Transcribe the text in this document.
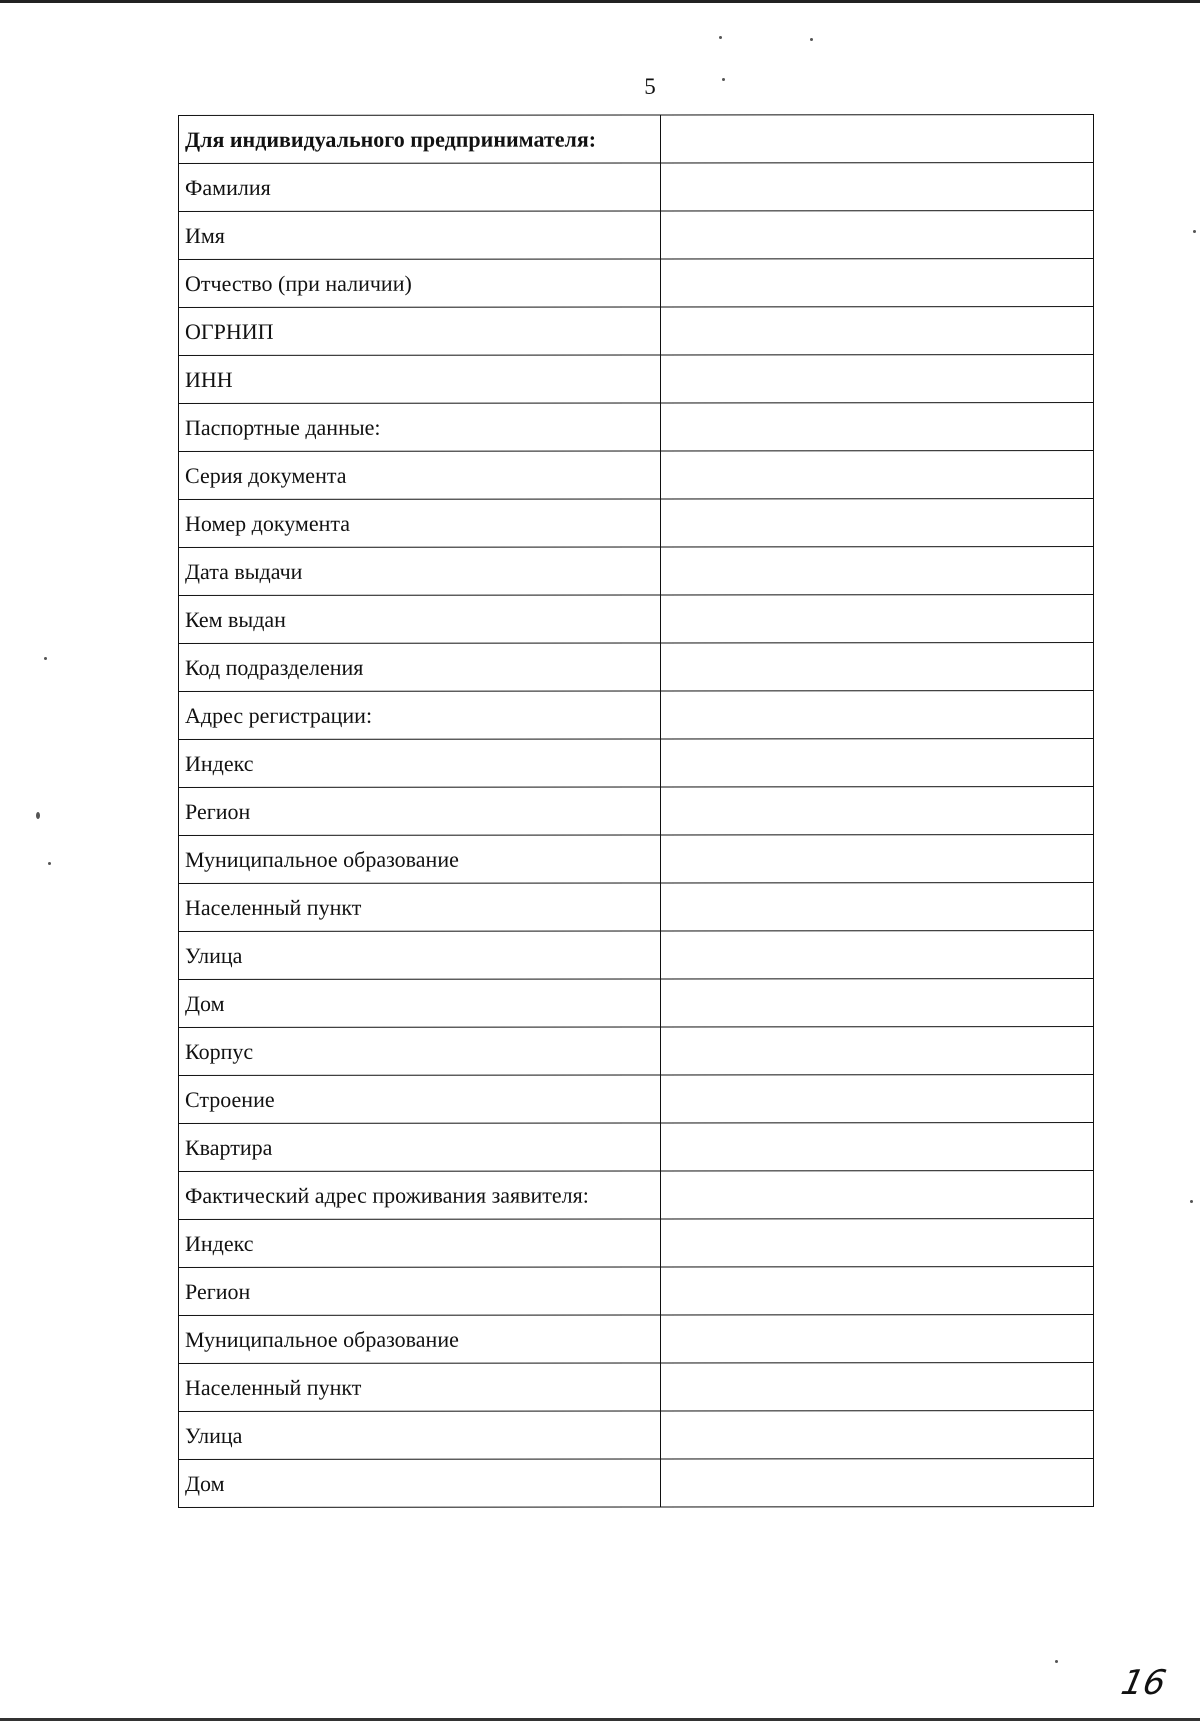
5
Для индивидуального предпринимателя:	
Фамилия	
Имя	
Отчество (при наличии)	
ОГРНИП	
ИНН	
Паспортные данные:	
Серия документа	
Номер документа	
Дата выдачи	
Кем выдан	
Код подразделения	
Адрес регистрации:	
Индекс	
Регион	
Муниципальное образование	
Населенный пункт	
Улица	
Дом	
Корпус	
Строение	
Квартира	
Фактический адрес проживания заявителя:	
Индекс	
Регион	
Муниципальное образование	
Населенный пункт	
Улица	
Дом	
16
